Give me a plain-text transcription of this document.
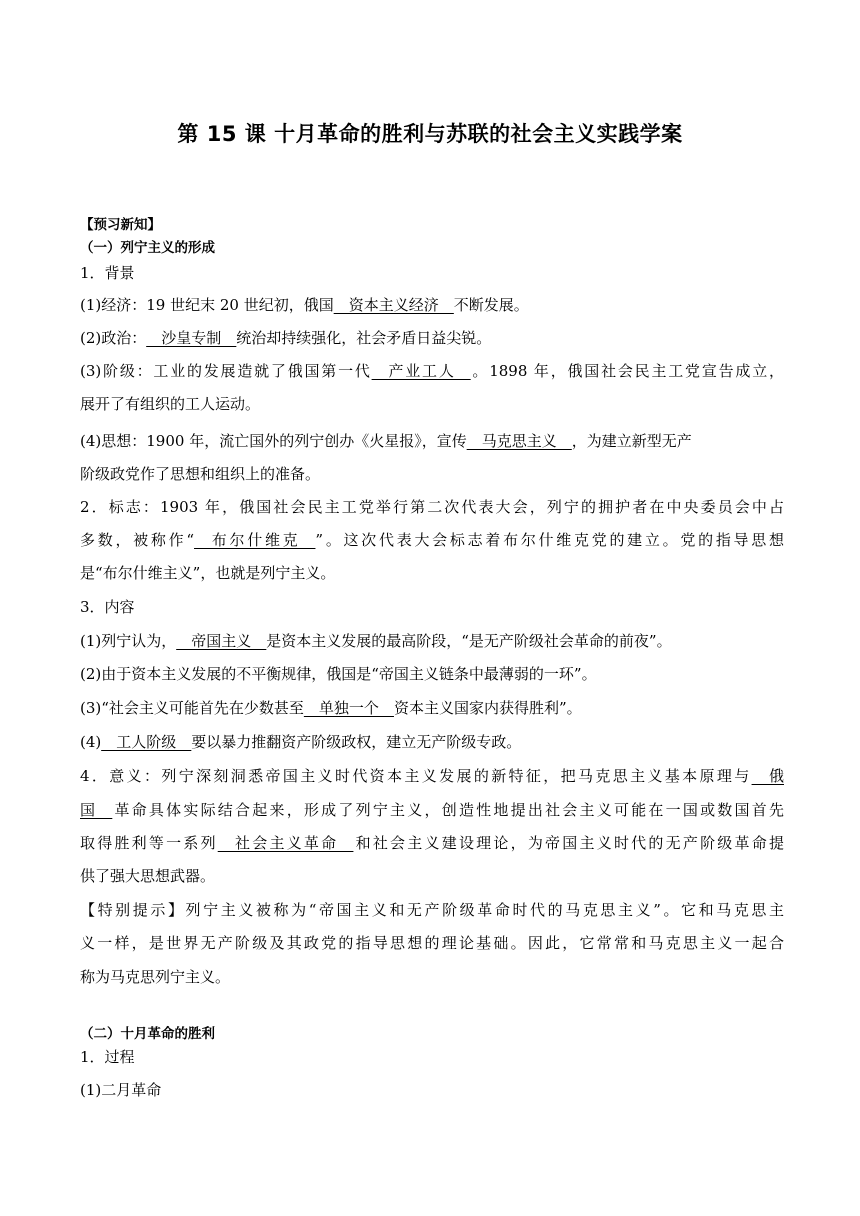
第 15 课 十月革命的胜利与苏联的社会主义实践学案
【预习新知】
（一）列宁主义的形成
1．背景
(1)经济：19 世纪末 20 世纪初，俄国__资本主义经济__不断发展。
(2)政治：__沙皇专制__统治却持续强化，社会矛盾日益尖锐。
(3)阶级：工业的发展造就了俄国第一代__产业工人__。1898 年，俄国社会民主工党宣告成立，
展开了有组织的工人运动。
(4)思想：1900 年，流亡国外的列宁创办《火星报》，宣传__马克思主义__，为建立新型无产
阶级政党作了思想和组织上的准备。
2．标志：1903 年，俄国社会民主工党举行第二次代表大会，列宁的拥护者在中央委员会中占
多数，被称作“__布尔什维克__”。这次代表大会标志着布尔什维克党的建立。党的指导思想
是“布尔什维主义”，也就是列宁主义。
3．内容
(1)列宁认为，__帝国主义__是资本主义发展的最高阶段，“是无产阶级社会革命的前夜”。
(2)由于资本主义发展的不平衡规律，俄国是“帝国主义链条中最薄弱的一环”。
(3)“社会主义可能首先在少数甚至__单独一个__资本主义国家内获得胜利”。
(4)__工人阶级__要以暴力推翻资产阶级政权，建立无产阶级专政。
4．意义：列宁深刻洞悉帝国主义时代资本主义发展的新特征，把马克思主义基本原理与__俄
国__革命具体实际结合起来，形成了列宁主义，创造性地提出社会主义可能在一国或数国首先
取得胜利等一系列__社会主义革命__和社会主义建设理论，为帝国主义时代的无产阶级革命提
供了强大思想武器。
【特别提示】列宁主义被称为“帝国主义和无产阶级革命时代的马克思主义”。它和马克思主
义一样，是世界无产阶级及其政党的指导思想的理论基础。因此，它常常和马克思主义一起合
称为马克思列宁主义。
（二）十月革命的胜利
1．过程
(1)二月革命
